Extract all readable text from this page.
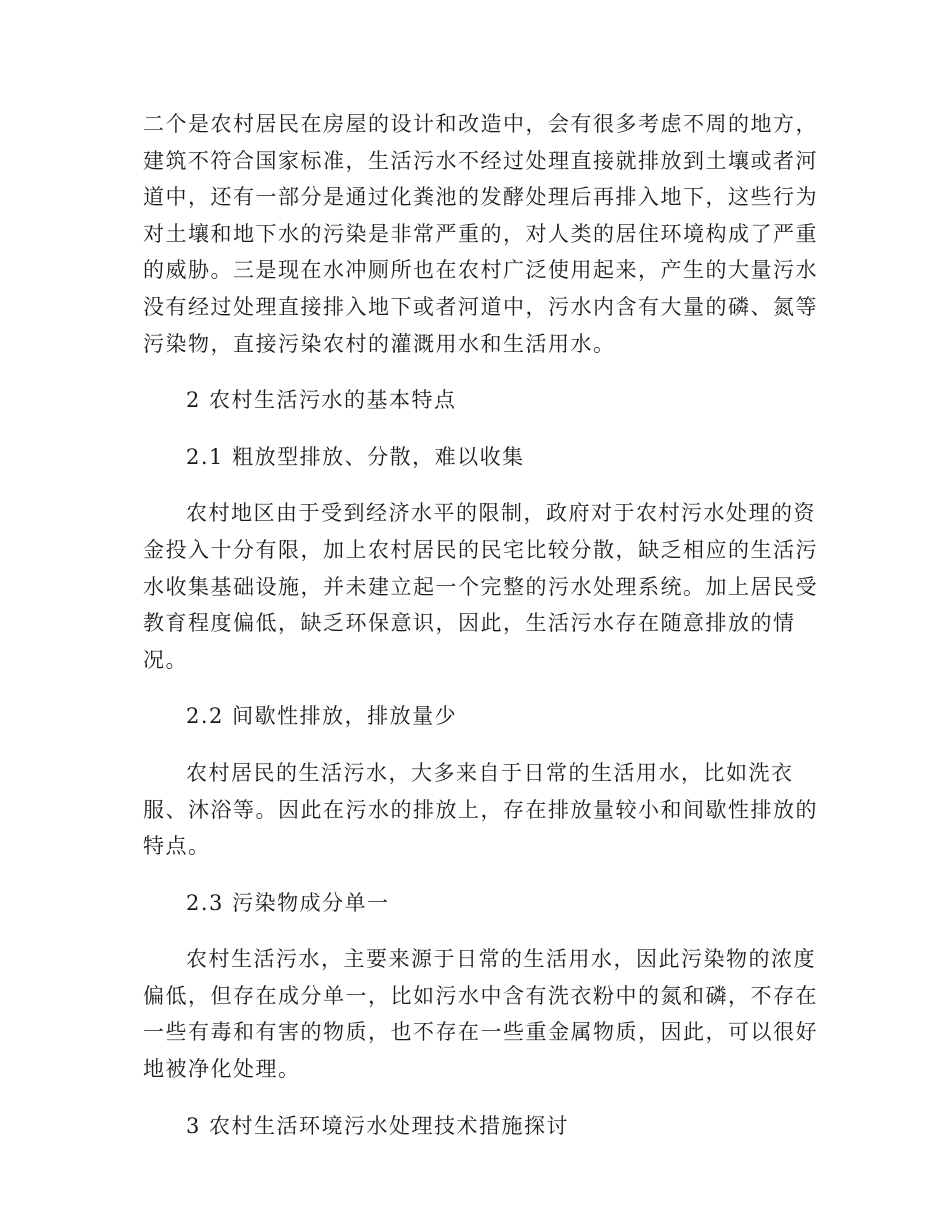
二个是农村居民在房屋的设计和改造中，会有很多考虑不周的地方，
建筑不符合国家标准，生活污水不经过处理直接就排放到土壤或者河
道中，还有一部分是通过化粪池的发酵处理后再排入地下，这些行为
对土壤和地下水的污染是非常严重的，对人类的居住环境构成了严重
的威胁。三是现在水冲厕所也在农村广泛使用起来，产生的大量污水
没有经过处理直接排入地下或者河道中，污水内含有大量的磷、氮等
污染物，直接污染农村的灌溉用水和生活用水。

2 农村生活污水的基本特点
2.1 粗放型排放、分散，难以收集

农村地区由于受到经济水平的限制，政府对于农村污水处理的资
金投入十分有限，加上农村居民的民宅比较分散，缺乏相应的生活污
水收集基础设施，并未建立起一个完整的污水处理系统。加上居民受
教育程度偏低，缺乏环保意识，因此，生活污水存在随意排放的情
况。

2.2 间歇性排放，排放量少

农村居民的生活污水，大多来自于日常的生活用水，比如洗衣
服、沐浴等。因此在污水的排放上，存在排放量较小和间歇性排放的
特点。

2.3 污染物成分单一

农村生活污水，主要来源于日常的生活用水，因此污染物的浓度
偏低，但存在成分单一，比如污水中含有洗衣粉中的氮和磷，不存在
一些有毒和有害的物质，也不存在一些重金属物质，因此，可以很好
地被净化处理。

3 农村生活环境污水处理技术措施探讨
